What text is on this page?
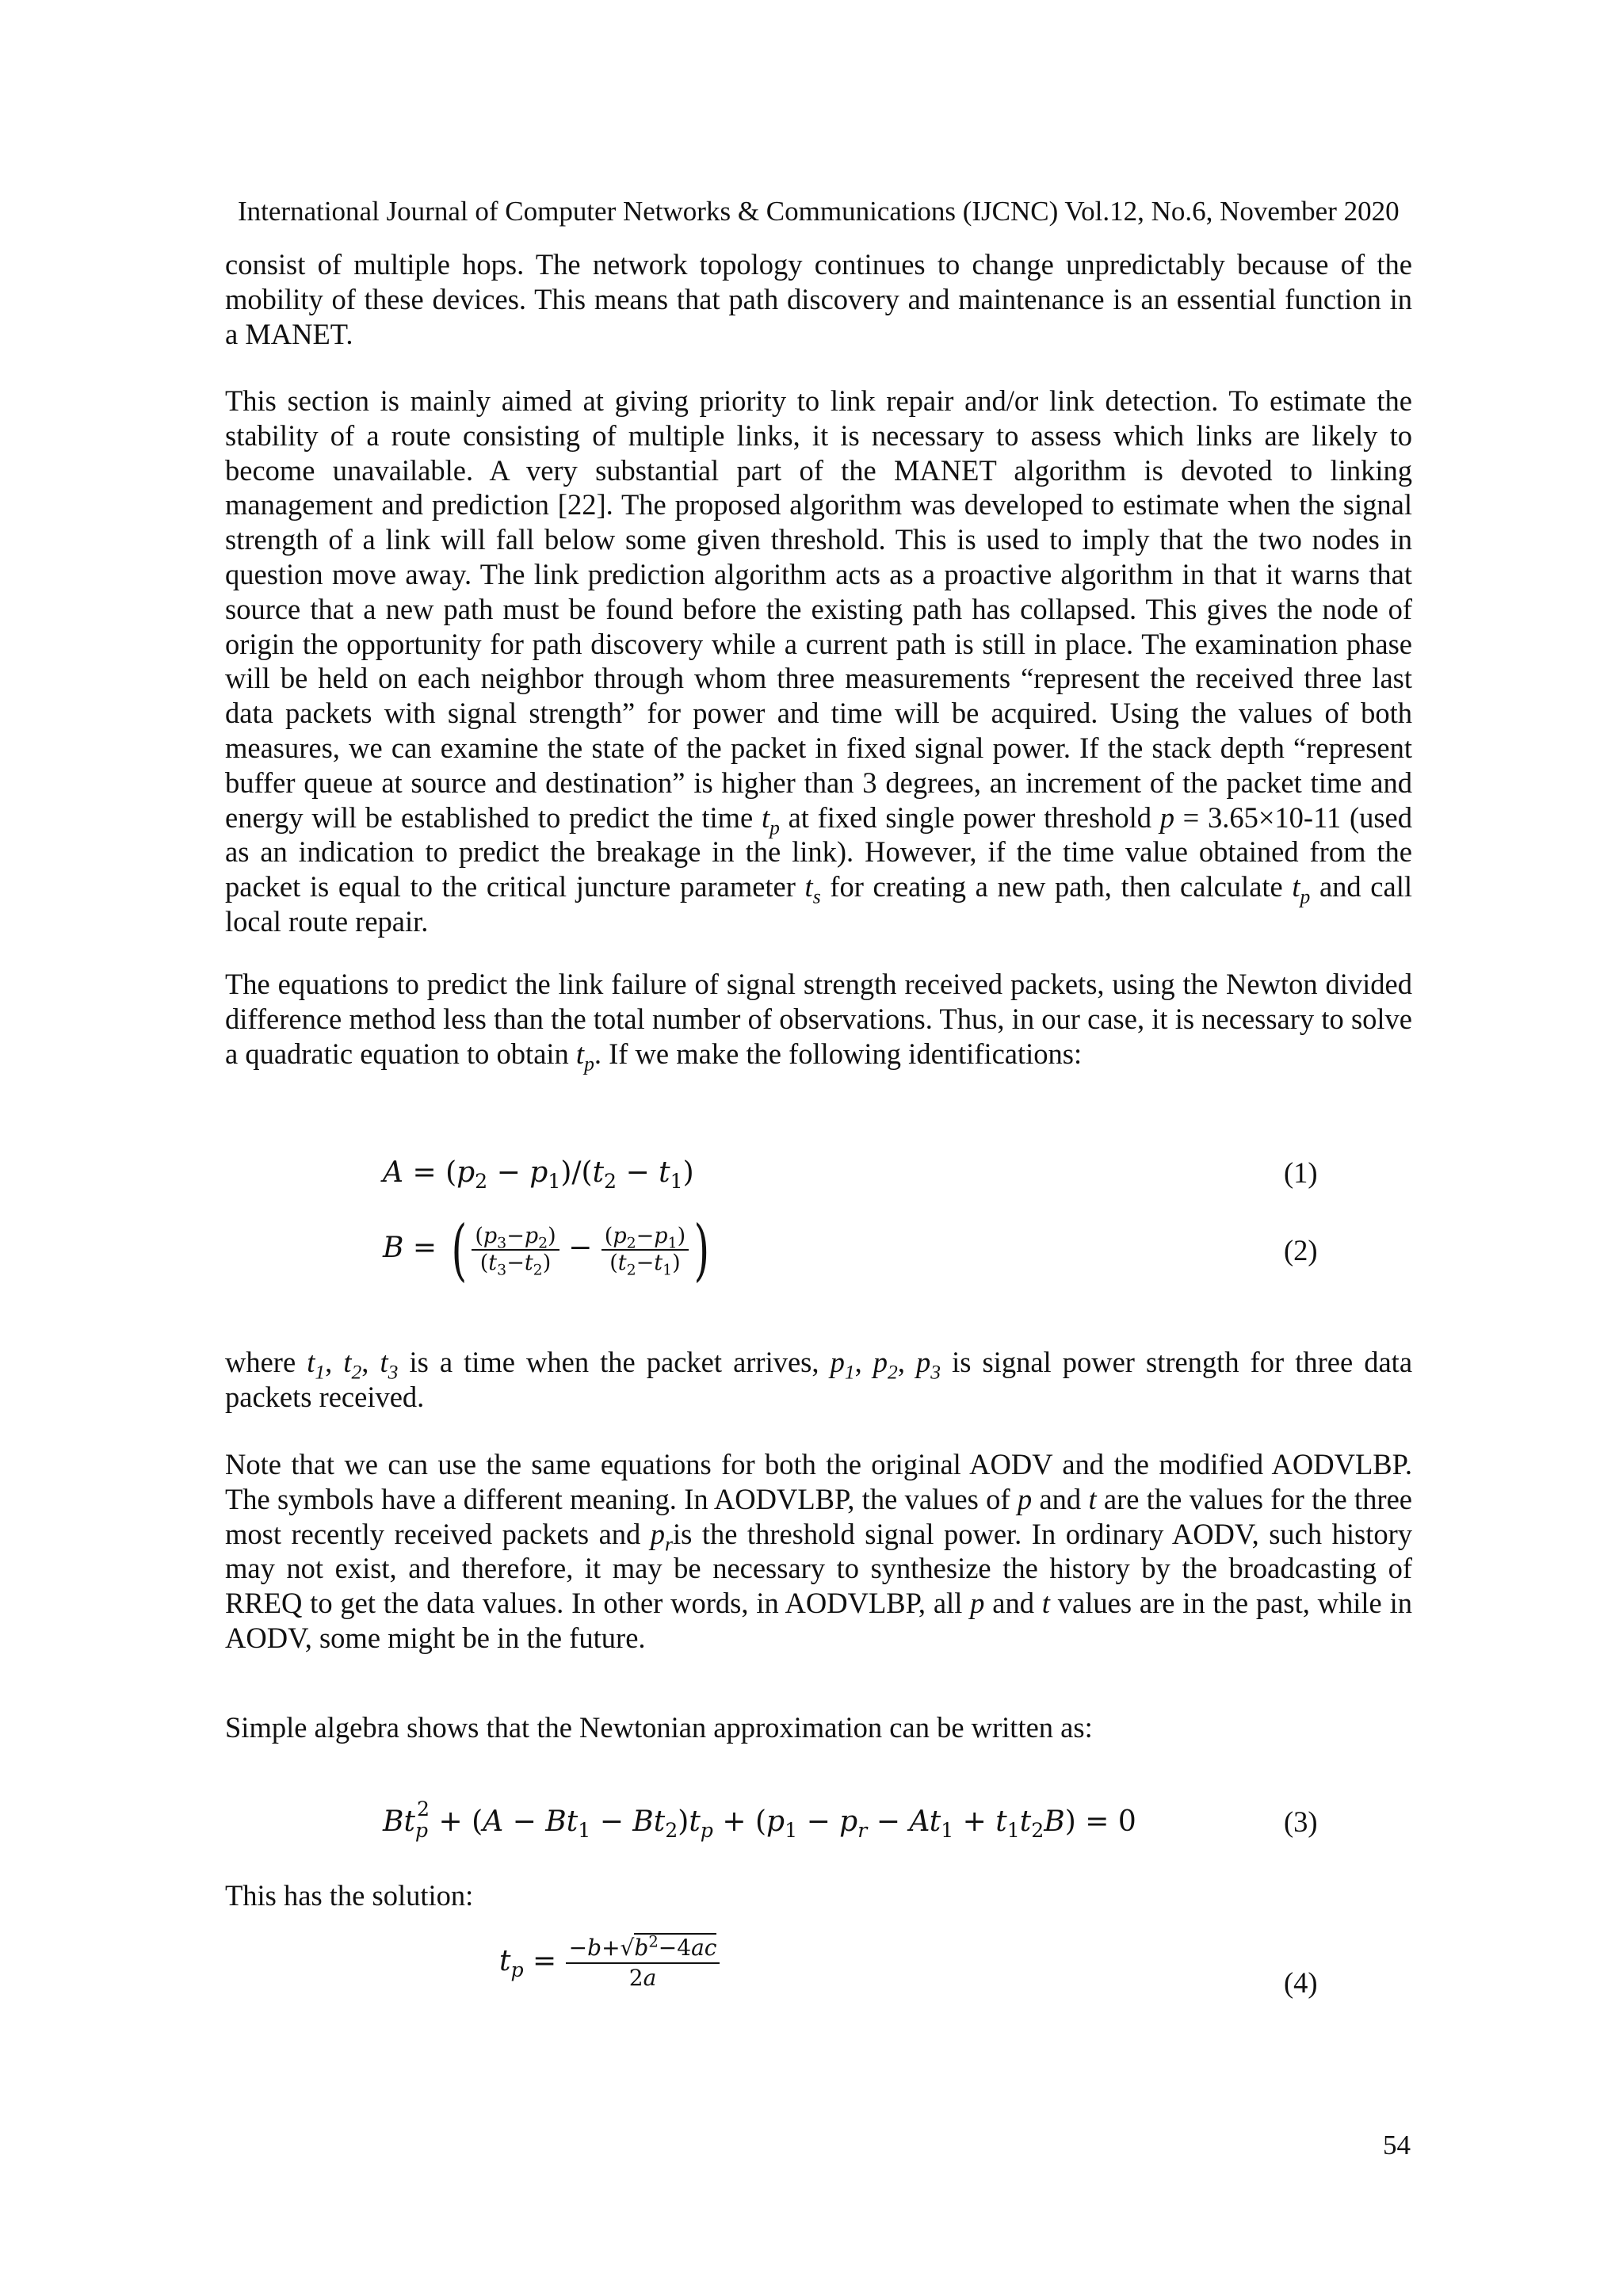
International Journal of Computer Networks & Communications (IJCNC) Vol.12, No.6, November 2020
consist of multiple hops. The network topology continues to change unpredictably because of the mobility of these devices. This means that path discovery and maintenance is an essential function in a MANET.
This section is mainly aimed at giving priority to link repair and/or link detection. To estimate the stability of a route consisting of multiple links, it is necessary to assess which links are likely to become unavailable. A very substantial part of the MANET algorithm is devoted to linking management and prediction [22]. The proposed algorithm was developed to estimate when the signal strength of a link will fall below some given threshold. This is used to imply that the two nodes in question move away. The link prediction algorithm acts as a proactive algorithm in that it warns that source that a new path must be found before the existing path has collapsed. This gives the node of origin the opportunity for path discovery while a current path is still in place. The examination phase will be held on each neighbor through whom three measurements “represent the received three last data packets with signal strength” for power and time will be acquired. Using the values of both measures, we can examine the state of the packet in fixed signal power. If the stack depth “represent buffer queue at source and destination” is higher than 3 degrees, an increment of the packet time and energy will be established to predict the time $t_p$ at fixed single power threshold p = 3.65×10-11 (used as an indication to predict the breakage in the link). However, if the time value obtained from the packet is equal to the critical juncture parameter $t_s$ for creating a new path, then calculate $t_p$ and call local route repair.
The equations to predict the link failure of signal strength received packets, using the Newton divided difference method less than the total number of observations. Thus, in our case, it is necessary to solve a quadratic equation to obtain $t_p$. If we make the following identifications:
$A = (p_2 - p_1)/(t_2 - t_1)$	(1)
B = ( $\frac{(p_3-p_2)}{(t_3-t_2)} - \frac{(p_2-p_1)}{(t_2-t_1)}$ )	(2)
where $t_1$, $t_2$, $t_3$ is a time when the packet arrives, $p_1$, $p_2$, $p_3$ is signal power strength for three data packets received.
Note that we can use the same equations for both the original AODV and the modified AODVLBP. The symbols have a different meaning. In AODVLBP, the values of p and t are the values for the three most recently received packets and $p_ris$ the threshold signal power. In ordinary AODV, such history may not exist, and therefore, it may be necessary to synthesize the history by the broadcasting of RREQ to get the data values. In other words, in AODVLBP, all p and t values are in the past, while in AODV, some might be in the future.
Simple algebra shows that the Newtonian approximation can be written as:
$Bt_p^2 + (A - Bt_1 - Bt_2)t_p + (p_1 - p_r - At_1 + t_1t_2B) = 0$	(3)
This has the solution:
$t_p = \frac{-b+√b^2-4ac}{2a}$	(4)
54
